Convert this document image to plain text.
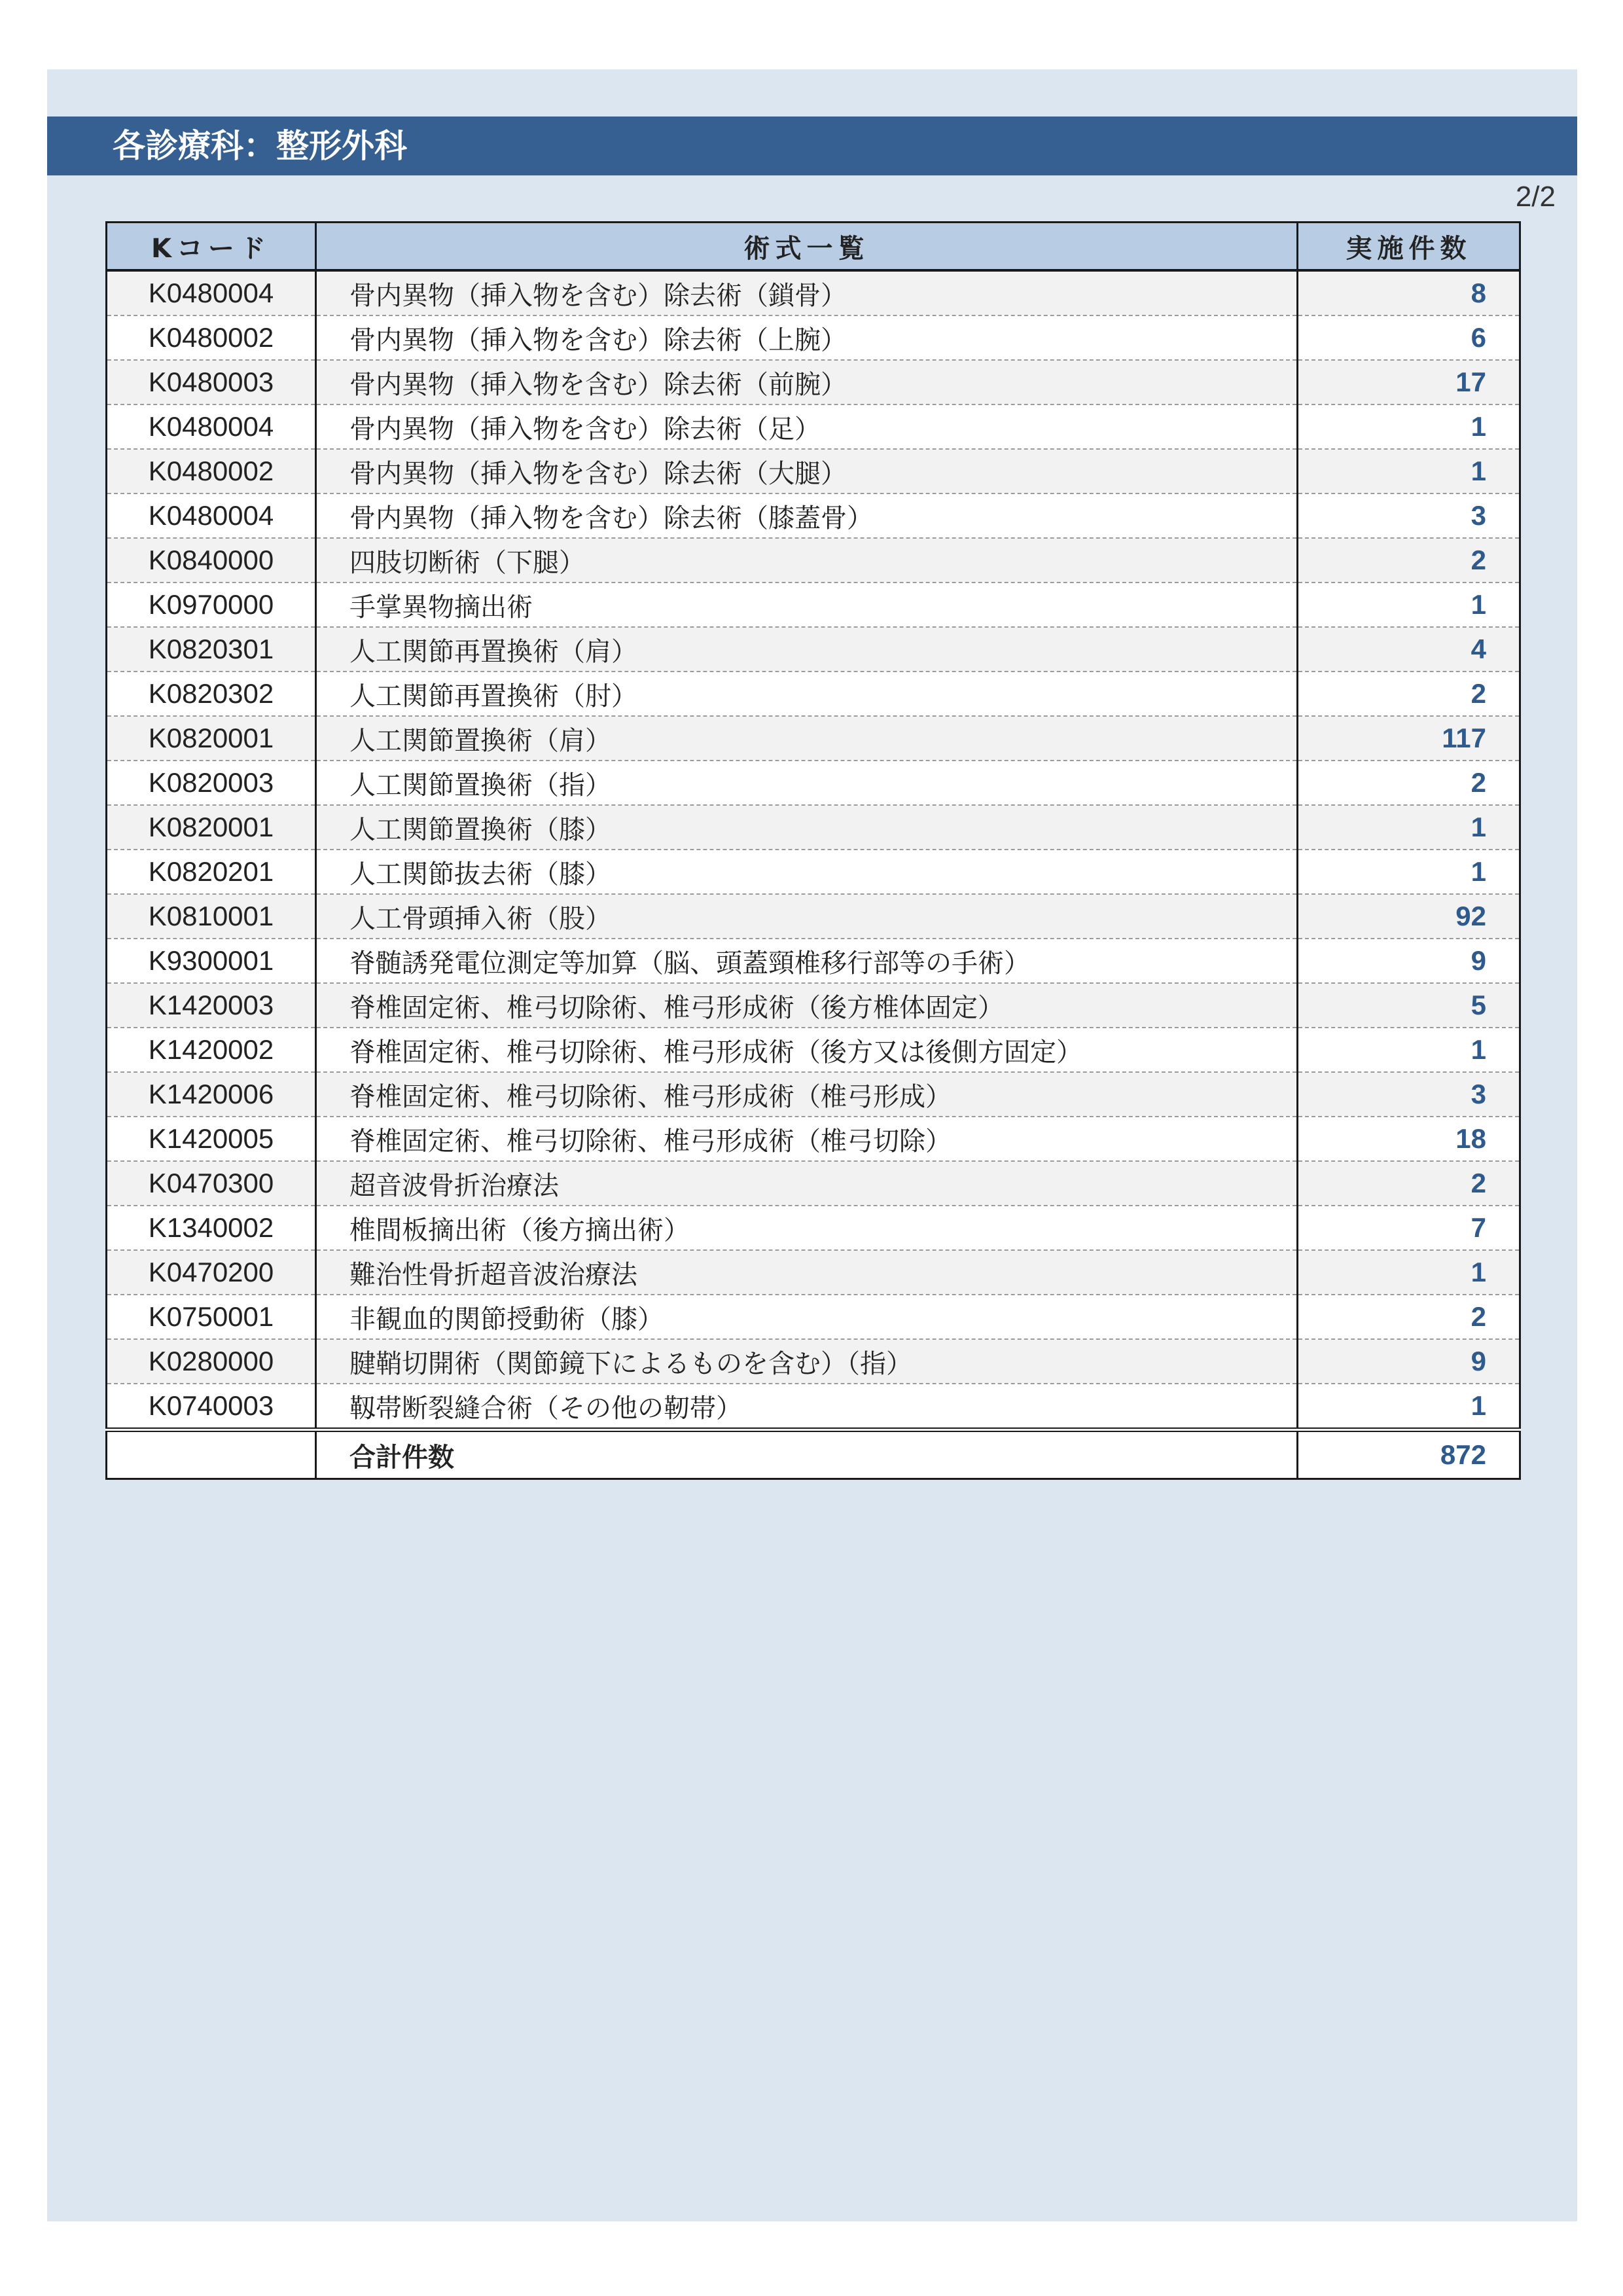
各診療科：整形外科
2/2
Kコード	術式一覧	実施件数
K0480004	骨内異物（挿入物を含む）除去術（鎖骨）	8
K0480002	骨内異物（挿入物を含む）除去術（上腕）	6
K0480003	骨内異物（挿入物を含む）除去術（前腕）	17
K0480004	骨内異物（挿入物を含む）除去術（足）	1
K0480002	骨内異物（挿入物を含む）除去術（大腿）	1
K0480004	骨内異物（挿入物を含む）除去術（膝蓋骨）	3
K0840000	四肢切断術（下腿）	2
K0970000	手掌異物摘出術	1
K0820301	人工関節再置換術（肩）	4
K0820302	人工関節再置換術（肘）	2
K0820001	人工関節置換術（肩）	117
K0820003	人工関節置換術（指）	2
K0820001	人工関節置換術（膝）	1
K0820201	人工関節抜去術（膝）	1
K0810001	人工骨頭挿入術（股）	92
K9300001	脊髄誘発電位測定等加算（脳、頭蓋頸椎移行部等の手術）	9
K1420003	脊椎固定術、椎弓切除術、椎弓形成術（後方椎体固定）	5
K1420002	脊椎固定術、椎弓切除術、椎弓形成術（後方又は後側方固定）	1
K1420006	脊椎固定術、椎弓切除術、椎弓形成術（椎弓形成）	3
K1420005	脊椎固定術、椎弓切除術、椎弓形成術（椎弓切除）	18
K0470300	超音波骨折治療法	2
K1340002	椎間板摘出術（後方摘出術）	7
K0470200	難治性骨折超音波治療法	1
K0750001	非観血的関節授動術（膝）	2
K0280000	腱鞘切開術（関節鏡下によるものを含む）（指）	9
K0740003	靱帯断裂縫合術（その他の靭帯）	1
	合計件数	872
